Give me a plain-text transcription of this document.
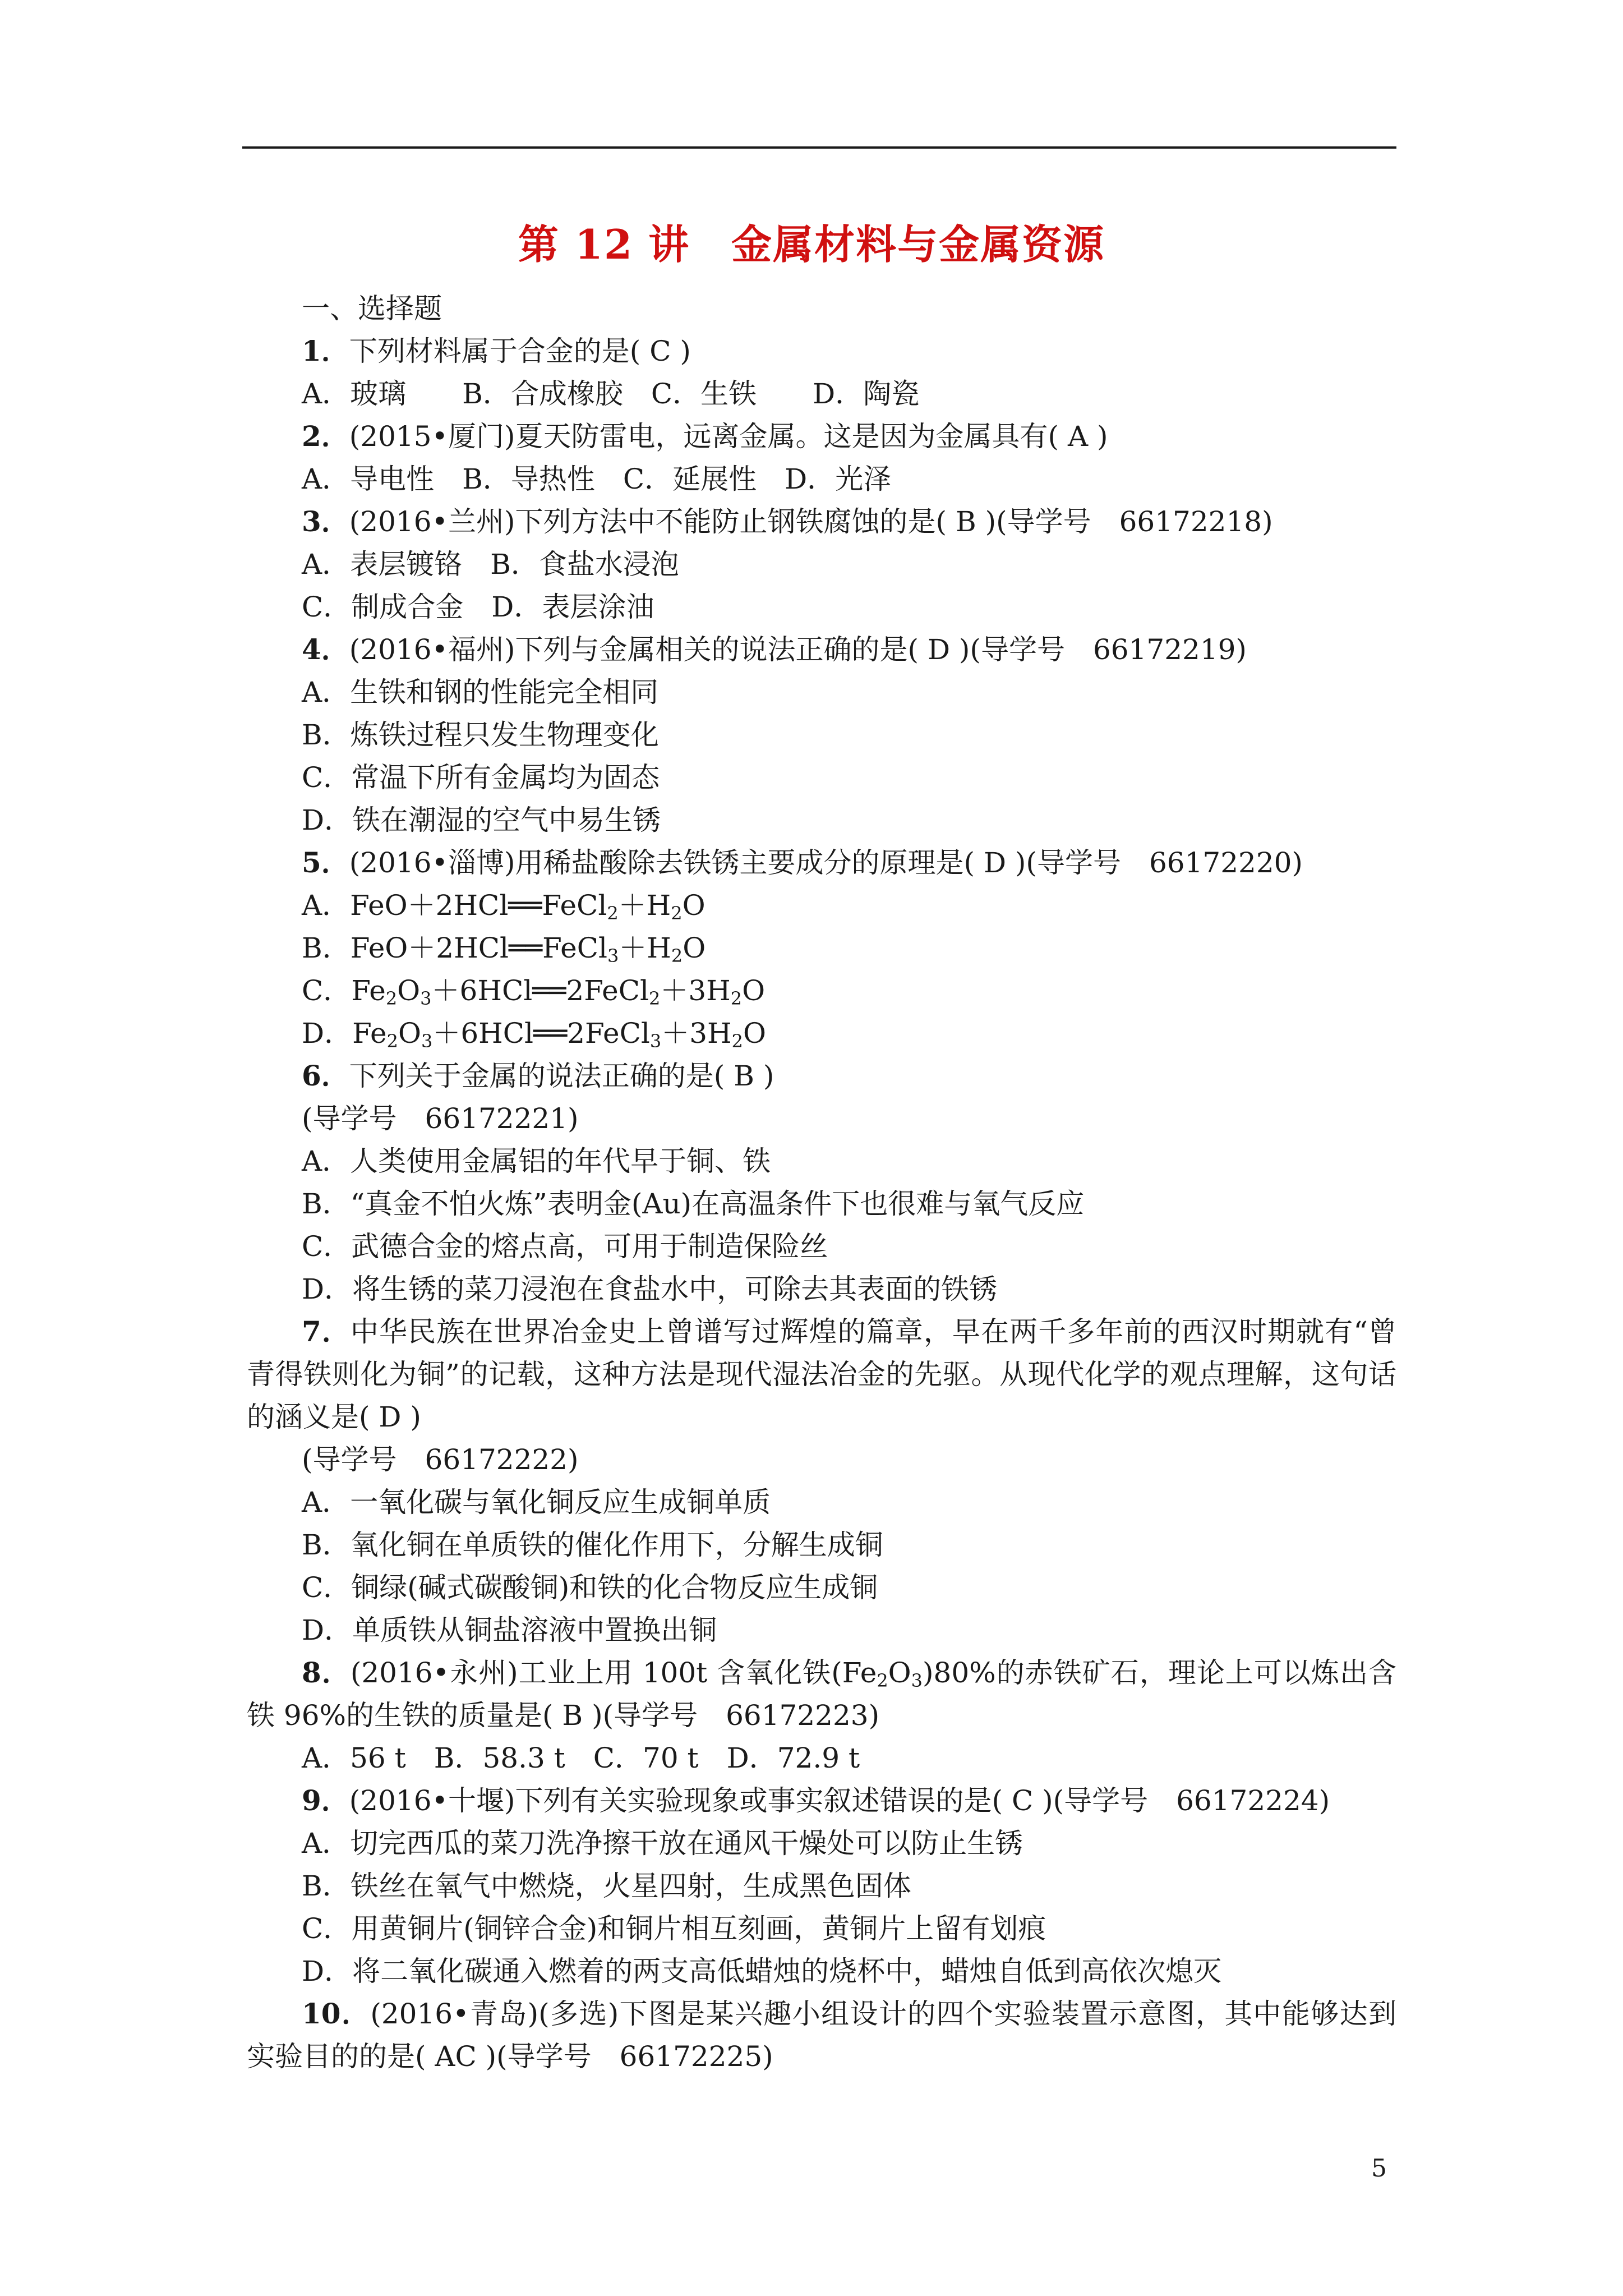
第 12 讲　金属材料与金属资源
一、选择题
1．下列材料属于合金的是( C )
A．玻璃　　B．合成橡胶　C．生铁　　D．陶瓷
2．(2015•厦门)夏天防雷电，远离金属。这是因为金属具有( A )
A．导电性　B．导热性　C．延展性　D．光泽
3．(2016•兰州)下列方法中不能防止钢铁腐蚀的是( B )(导学号　66172218)
A．表层镀铬　B．食盐水浸泡
C．制成合金　D．表层涂油
4．(2016•福州)下列与金属相关的说法正确的是( D )(导学号　66172219)
A．生铁和钢的性能完全相同
B．炼铁过程只发生物理变化
C．常温下所有金属均为固态
D．铁在潮湿的空气中易生锈
5．(2016•淄博)用稀盐酸除去铁锈主要成分的原理是( D )(导学号　66172220)
A．$FeO+2HCl══FeCl_2+H_2O$
B．$FeO+2HCl══FeCl_3+H_2O$
C．$Fe_2O_3+6HCl══2FeCl_2+3H_2O$
D．$Fe_2O_3+6HCl══2FeCl_3+3H_2O$
6．下列关于金属的说法正确的是( B )
(导学号　66172221)
A．人类使用金属铝的年代早于铜、铁
B．“真金不怕火炼”表明金(Au)在高温条件下也很难与氧气反应
C．武德合金的熔点高，可用于制造保险丝
D．将生锈的菜刀浸泡在食盐水中，可除去其表面的铁锈
7．中华民族在世界冶金史上曾谱写过辉煌的篇章，早在两千多年前的西汉时期就有“曾青得铁则化为铜”的记载，这种方法是现代湿法冶金的先驱。从现代化学的观点理解，这句话的涵义是( D )
(导学号　66172222)
A．一氧化碳与氧化铜反应生成铜单质
B．氧化铜在单质铁的催化作用下，分解生成铜
C．铜绿(碱式碳酸铜)和铁的化合物反应生成铜
D．单质铁从铜盐溶液中置换出铜
8．(2016•永州)工业上用 100t 含氧化铁$(Fe_2O_3)80\%$的赤铁矿石，理论上可以炼出含铁 96%的生铁的质量是( B )(导学号　66172223)
A．56 t　B．58.3 t　C．70 t　D．72.9 t
9．(2016•十堰)下列有关实验现象或事实叙述错误的是( C )(导学号　66172224)
A．切完西瓜的菜刀洗净擦干放在通风干燥处可以防止生锈
B．铁丝在氧气中燃烧，火星四射，生成黑色固体
C．用黄铜片(铜锌合金)和铜片相互刻画，黄铜片上留有划痕
D．将二氧化碳通入燃着的两支高低蜡烛的烧杯中，蜡烛自低到高依次熄灭
10．(2016•青岛)(多选)下图是某兴趣小组设计的四个实验装置示意图，其中能够达到实验目的的是( AC )(导学号　66172225)
5
